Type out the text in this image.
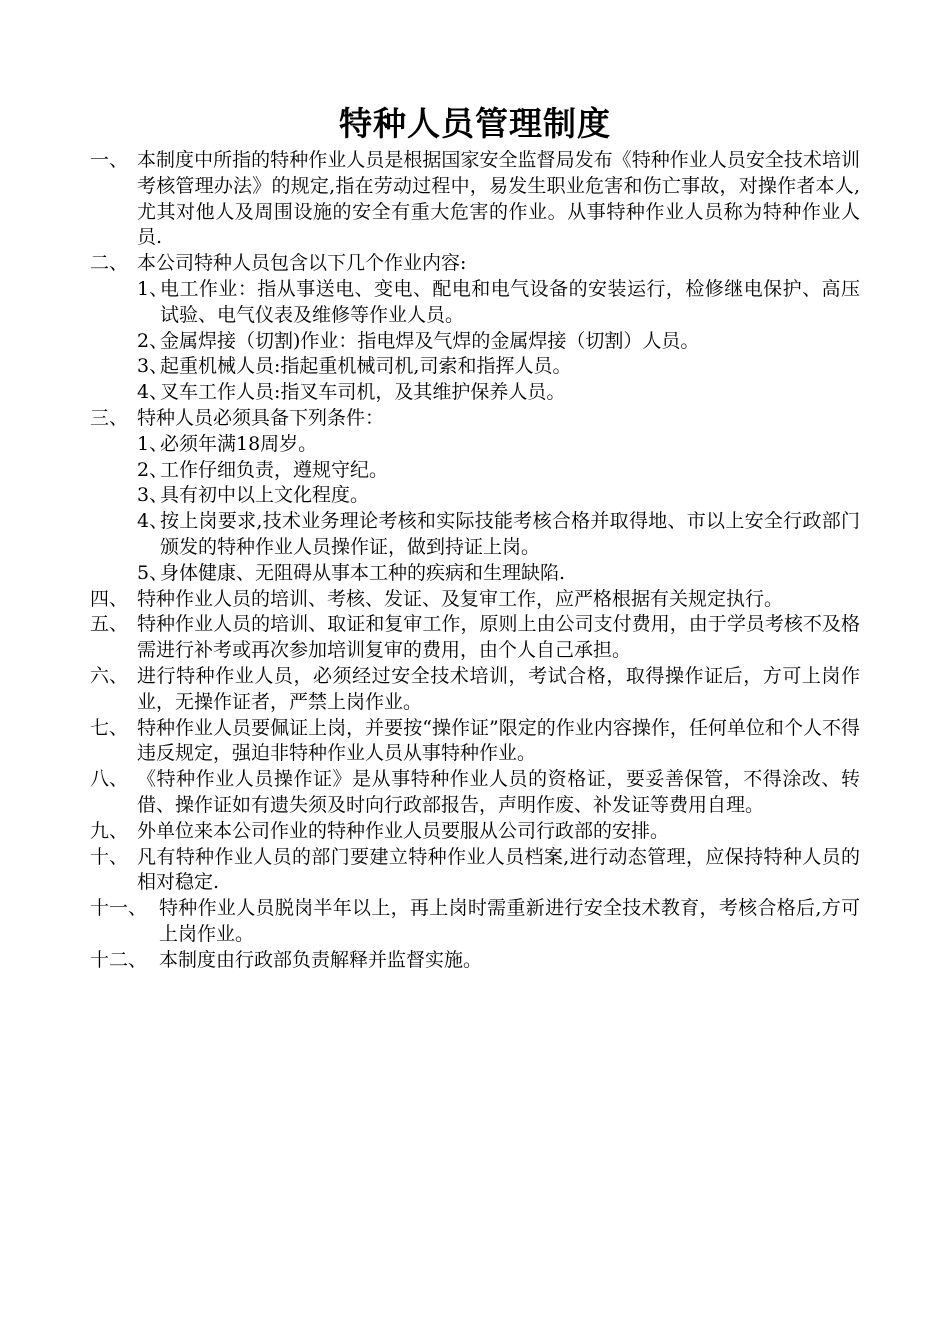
特种人员管理制度
一、 本制度中所指的特种作业人员是根据国家安全监督局发布《特种作业人员安全技术培训考核管理办法》的规定,指在劳动过程中，易发生职业危害和伤亡事故，对操作者本人,尤其对他人及周围设施的安全有重大危害的作业。从事特种作业人员称为特种作业人员.
二、 本公司特种人员包含以下几个作业内容:
1、
电工作业：指从事送电、变电、配电和电气设备的安装运行，检修继电保护、高压试验、电气仪表及维修等作业人员。
2、
金属焊接（切割)作业：指电焊及气焊的金属焊接（切割）人员。
3、
起重机械人员:指起重机械司机,司索和指挥人员。
4、
叉车工作人员:指叉车司机，及其维护保养人员。
三、 特种人员必须具备下列条件：
1、
必须年满18周岁。
2、
工作仔细负责，遵规守纪。
3、
具有初中以上文化程度。
4、
按上岗要求,技术业务理论考核和实际技能考核合格并取得地、市以上安全行政部门颁发的特种作业人员操作证，做到持证上岗。
5、
身体健康、无阻碍从事本工种的疾病和生理缺陷.
四、 特种作业人员的培训、考核、发证、及复审工作，应严格根据有关规定执行。
五、 特种作业人员的培训、取证和复审工作，原则上由公司支付费用，由于学员考核不及格需进行补考或再次参加培训复审的费用，由个人自己承担。
六、 进行特种作业人员，必须经过安全技术培训，考试合格，取得操作证后，方可上岗作业，无操作证者，严禁上岗作业。
七、 特种作业人员要佩证上岗，并要按“操作证”限定的作业内容操作，任何单位和个人不得违反规定，强迫非特种作业人员从事特种作业。
八、 《特种作业人员操作证》是从事特种作业人员的资格证，要妥善保管，不得涂改、转借、操作证如有遗失须及时向行政部报告，声明作废、补发证等费用自理。
九、 外单位来本公司作业的特种作业人员要服从公司行政部的安排。
十、 凡有特种作业人员的部门要建立特种作业人员档案,进行动态管理，应保持特种人员的相对稳定.
十一、 特种作业人员脱岗半年以上，再上岗时需重新进行安全技术教育，考核合格后,方可上岗作业。
十二、 本制度由行政部负责解释并监督实施。
